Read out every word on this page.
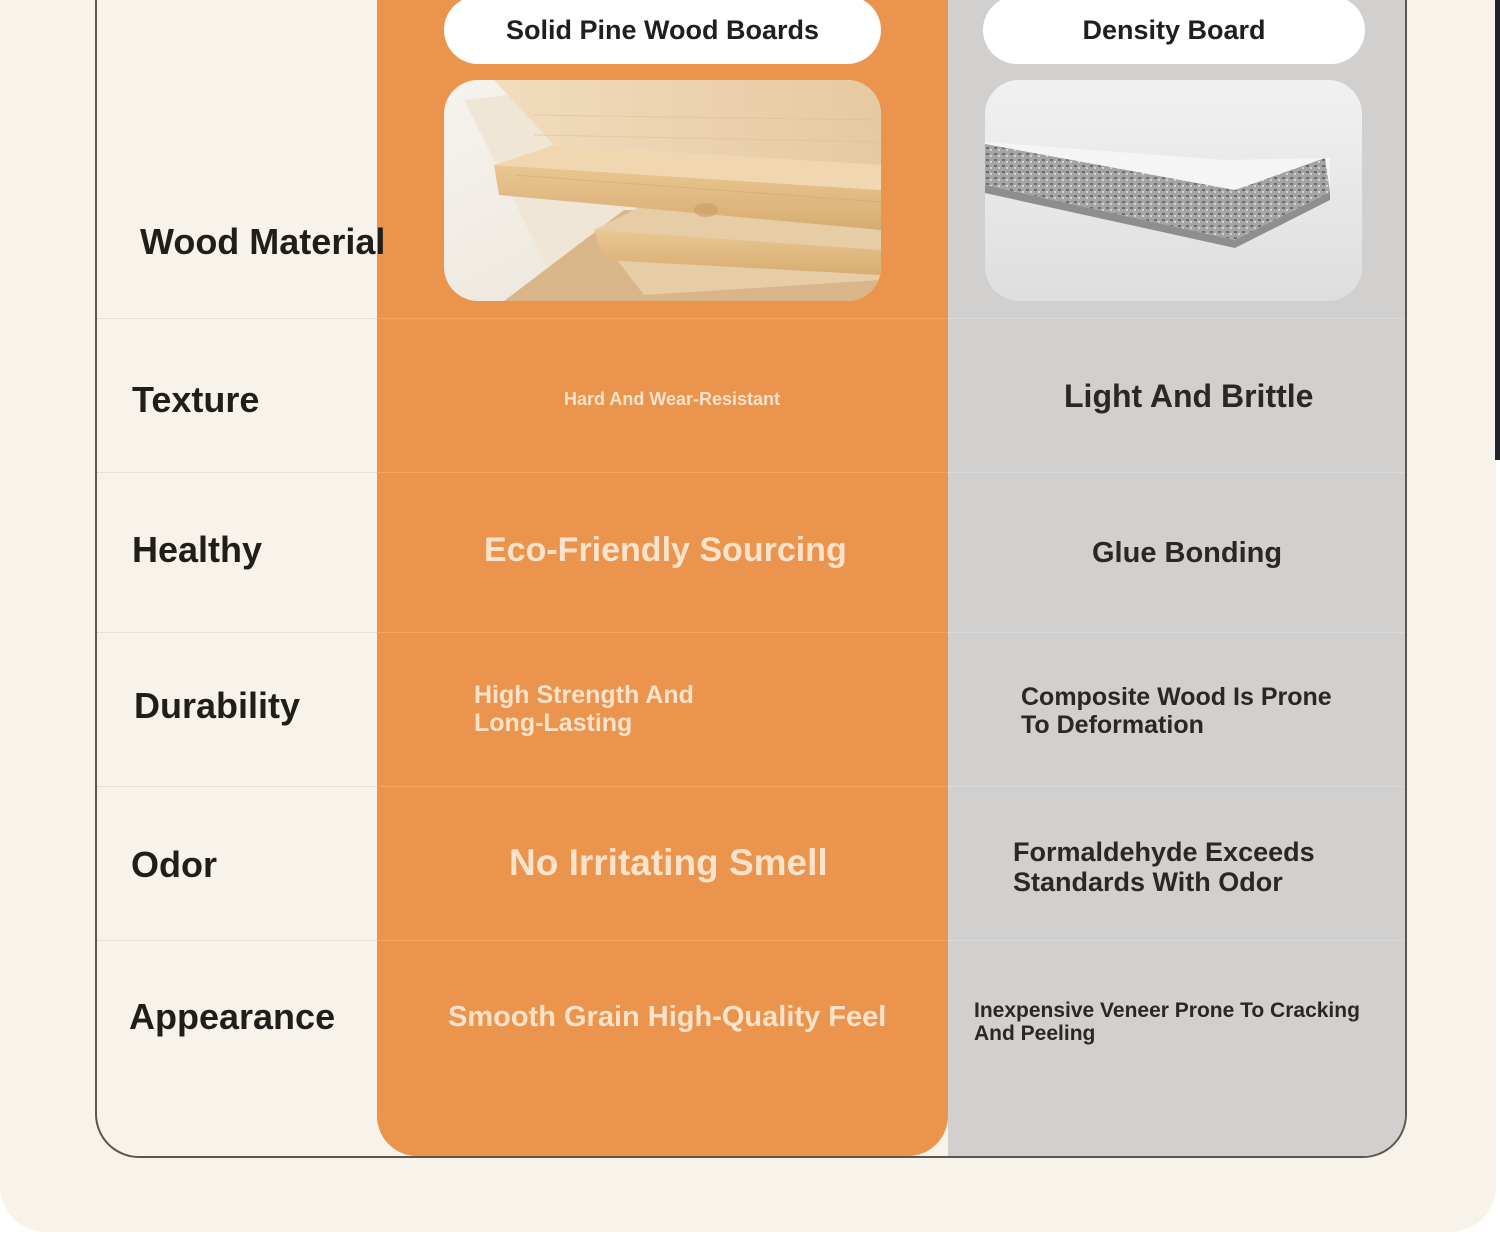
Solid Pine Wood Boards	Density Board
Wood Material
Texture
Healthy
Durability
Odor
Appearance
Hard And Wear-Resistant
Eco-Friendly Sourcing
High Strength And Long-Lasting
No Irritating Smell
Smooth Grain High-Quality Feel
Light And Brittle
Glue Bonding
Composite Wood Is Prone To Deformation
Formaldehyde Exceeds Standards With Odor
Inexpensive Veneer Prone To Cracking And Peeling
